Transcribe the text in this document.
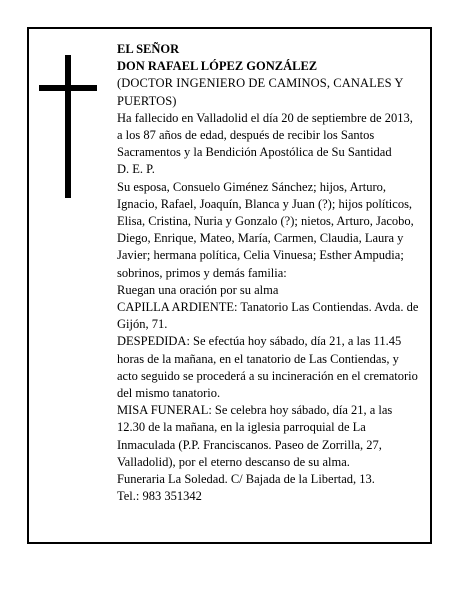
EL SEÑOR

DON RAFAEL LÓPEZ GONZÁLEZ

(DOCTOR INGENIERO DE CAMINOS, CANALES Y PUERTOS)

Ha fallecido en Valladolid el día 20 de septiembre de 2013, a los 87 años de edad, después de recibir los Santos Sacramentos y la Bendición Apostólica de Su Santidad

D. E. P.

Su esposa, Consuelo Giménez Sánchez; hijos, Arturo, Ignacio, Rafael, Joaquín, Blanca y Juan (?); hijos políticos, Elisa, Cristina, Nuria y Gonzalo (?); nietos, Arturo, Jacobo, Diego, Enrique, Mateo, María, Carmen, Claudia, Laura y Javier; hermana política, Celia Vinuesa; Esther Ampudia; sobrinos, primos y demás familia:

Ruegan una oración por su alma

CAPILLA ARDIENTE: Tanatorio Las Contiendas. Avda. de Gijón, 71.

DESPEDIDA: Se efectúa hoy sábado, día 21, a las 11.45 horas de la mañana, en el tanatorio de Las Contiendas, y acto seguido se procederá a su incineración en el crematorio del mismo tanatorio.

MISA FUNERAL: Se celebra hoy sábado, día 21, a las 12.30 de la mañana, en la iglesia parroquial de La Inmaculada (P.P. Franciscanos. Paseo de Zorrilla, 27, Valladolid), por el eterno descanso de su alma.

Funeraria La Soledad. C/ Bajada de la Libertad, 13.

Tel.: 983 351342
